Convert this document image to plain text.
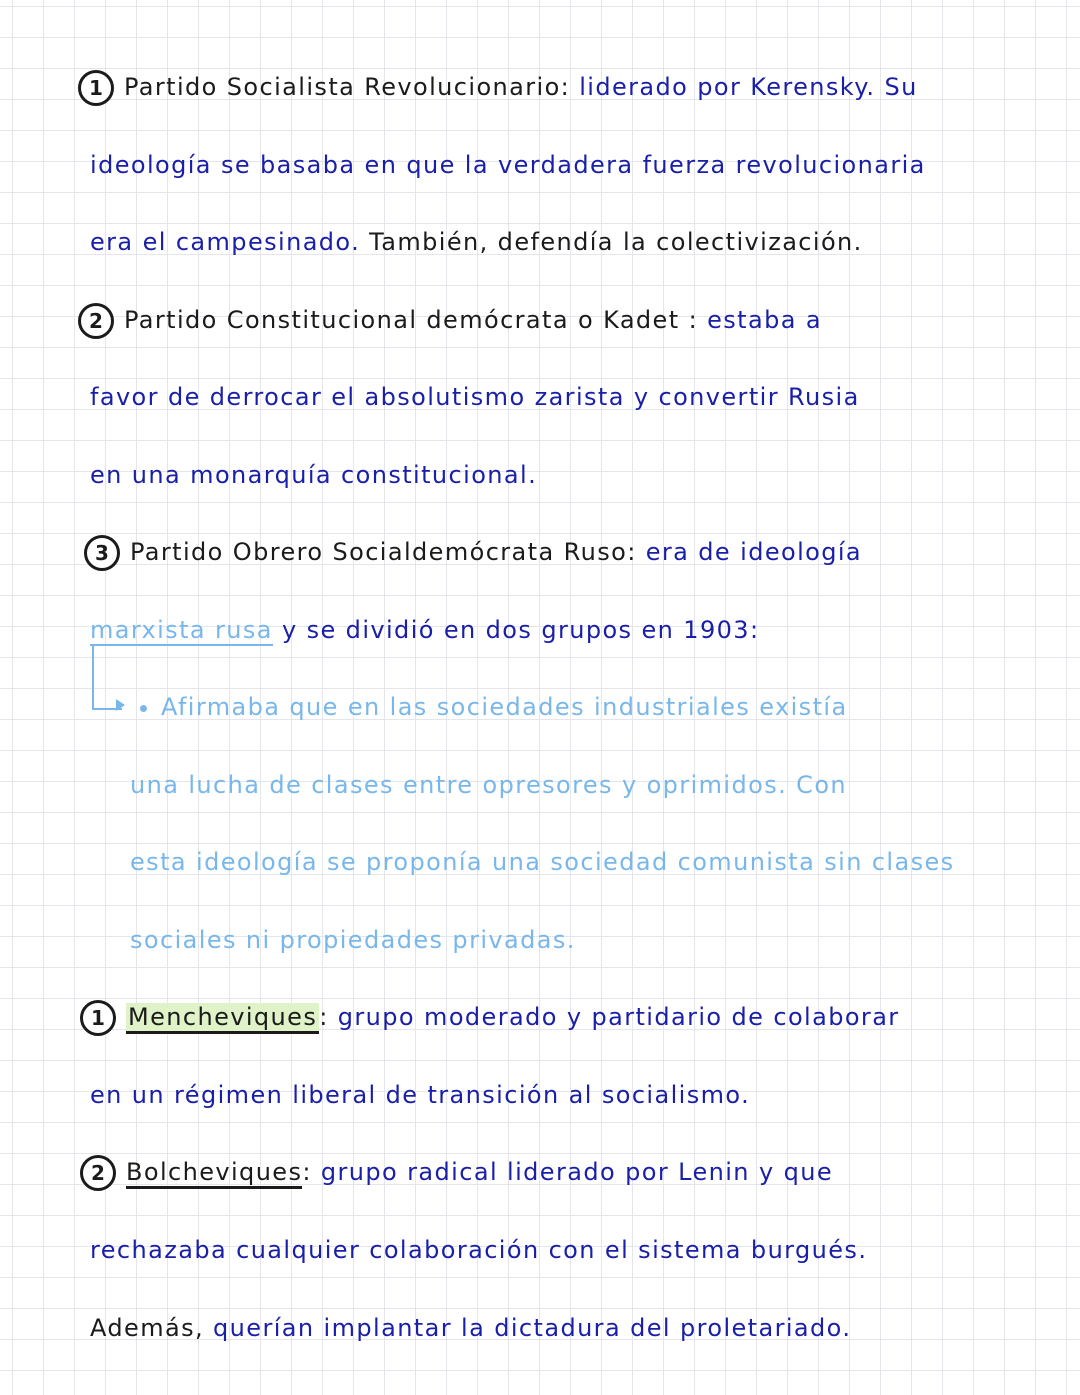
1 Partido Socialista Revolucionario: liderado por Kerensky. Su
ideología se basaba en que la verdadera fuerza revolucionaria
era el campesinado. También, defendía la colectivización.
2 Partido Constitucional demócrata o Kadet : estaba a
favor de derrocar el absolutismo zarista y convertir Rusia
en una monarquía constitucional.
3 Partido Obrero Socialdemócrata Ruso: era de ideología
marxista rusa y se dividió en dos grupos en 1903:
Afirmaba que en las sociedades industriales existía
una lucha de clases entre opresores y oprimidos. Con
esta ideología se proponía una sociedad comunista sin clases
sociales ni propiedades privadas.
1 Mencheviques: grupo moderado y partidario de colaborar
en un régimen liberal de transición al socialismo.
2 Bolcheviques: grupo radical liderado por Lenin y que
rechazaba cualquier colaboración con el sistema burgués.
Además, querían implantar la dictadura del proletariado.
